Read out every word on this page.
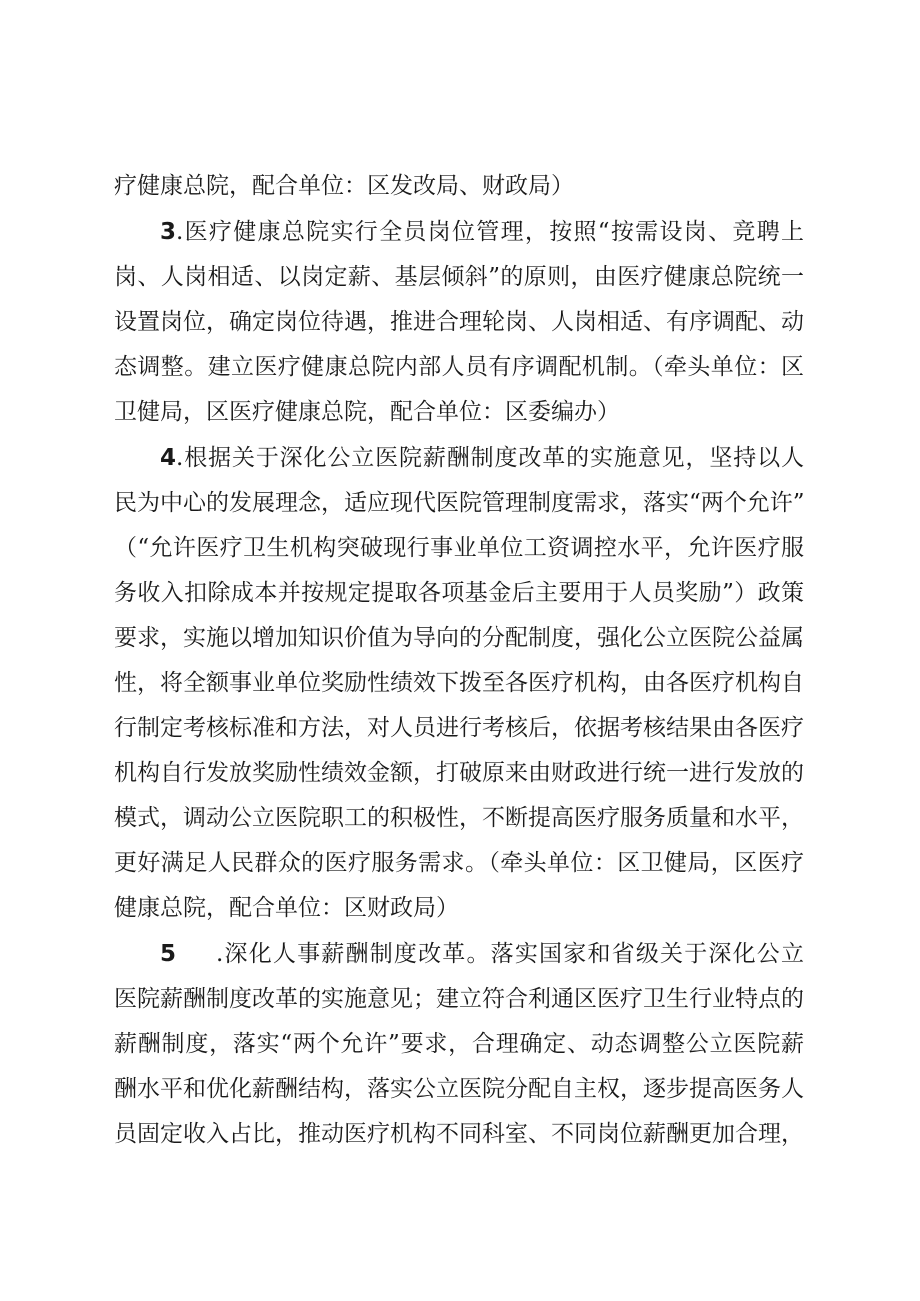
疗健康总院，配合单位：区发改局、财政局）
3.医疗健康总院实行全员岗位管理，按照“按需设岗、竞聘上
岗、人岗相适、以岗定薪、基层倾斜”的原则，由医疗健康总院统一
设置岗位，确定岗位待遇，推进合理轮岗、人岗相适、有序调配、动
态调整。建立医疗健康总院内部人员有序调配机制。（牵头单位：区
卫健局，区医疗健康总院，配合单位：区委编办）
4.根据关于深化公立医院薪酬制度改革的实施意见，坚持以人
民为中心的发展理念，适应现代医院管理制度需求，落实“两个允许”
（“允许医疗卫生机构突破现行事业单位工资调控水平，允许医疗服
务收入扣除成本并按规定提取各项基金后主要用于人员奖励”）政策
要求，实施以增加知识价值为导向的分配制度，强化公立医院公益属
性，将全额事业单位奖励性绩效下拨至各医疗机构，由各医疗机构自
行制定考核标准和方法，对人员进行考核后，依据考核结果由各医疗
机构自行发放奖励性绩效金额，打破原来由财政进行统一进行发放的
模式，调动公立医院职工的积极性，不断提高医疗服务质量和水平，
更好满足人民群众的医疗服务需求。（牵头单位：区卫健局，区医疗
健康总院，配合单位：区财政局）
5 .深化人事薪酬制度改革。落实国家和省级关于深化公立
医院薪酬制度改革的实施意见；建立符合利通区医疗卫生行业特点的
薪酬制度，落实“两个允许”要求，合理确定、动态调整公立医院薪
酬水平和优化薪酬结构，落实公立医院分配自主权，逐步提高医务人
员固定收入占比，推动医疗机构不同科室、不同岗位薪酬更加合理，
